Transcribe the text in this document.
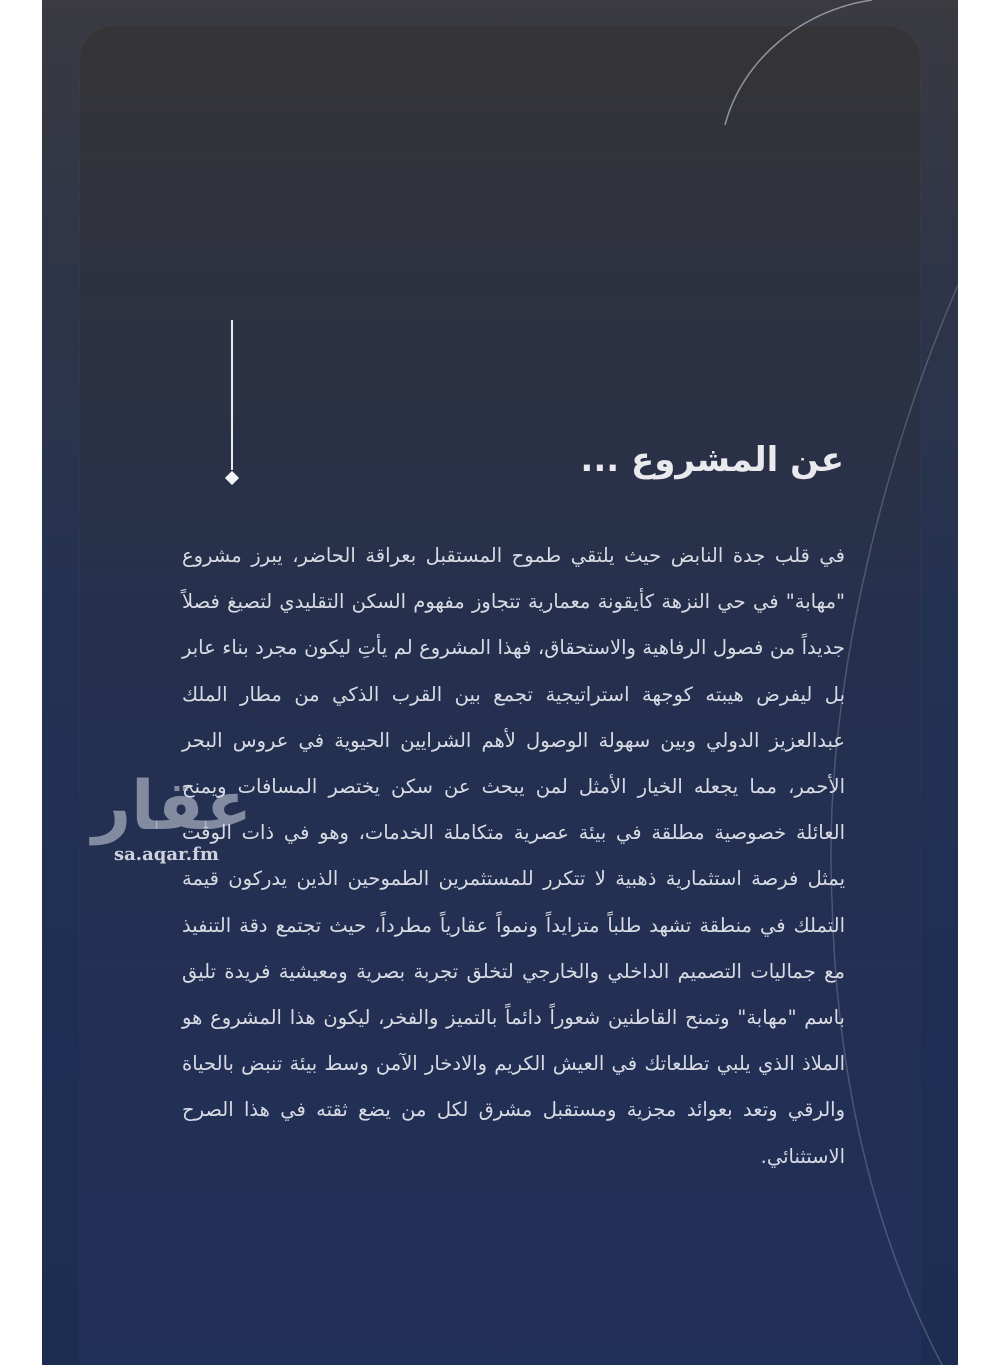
عن المشروع ...
في قلب جدة النابض حيث يلتقي طموح المستقبل بعراقة الحاضر، يبرز مشروع "مهابة" في حي النزهة كأيقونة معمارية تتجاوز مفهوم السكن التقليدي لتصيغ فصلاً جديداً من فصول الرفاهية والاستحقاق، فهذا المشروع لم يأتِ ليكون مجرد بناء عابر بل ليفرض هيبته كوجهة استراتيجية تجمع بين القرب الذكي من مطار الملك عبدالعزيز الدولي وبين سهولة الوصول لأهم الشرايين الحيوية في عروس البحر الأحمر، مما يجعله الخيار الأمثل لمن يبحث عن سكن يختصر المسافات ويمنح العائلة خصوصية مطلقة في بيئة عصرية متكاملة الخدمات، وهو في ذات الوقت يمثل فرصة استثمارية ذهبية لا تتكرر للمستثمرين الطموحين الذين يدركون قيمة التملك في منطقة تشهد طلباً متزايداً ونمواً عقارياً مطرداً، حيث تجتمع دقة التنفيذ مع جماليات التصميم الداخلي والخارجي لتخلق تجربة بصرية ومعيشية فريدة تليق باسم "مهابة" وتمنح القاطنين شعوراً دائماً بالتميز والفخر، ليكون هذا المشروع هو الملاذ الذي يلبي تطلعاتك في العيش الكريم والادخار الآمن وسط بيئة تنبض بالحياة والرقي وتعد بعوائد مجزية ومستقبل مشرق لكل من يضع ثقته في هذا الصرح الاستثنائي.
عقار
sa.aqar.fm
